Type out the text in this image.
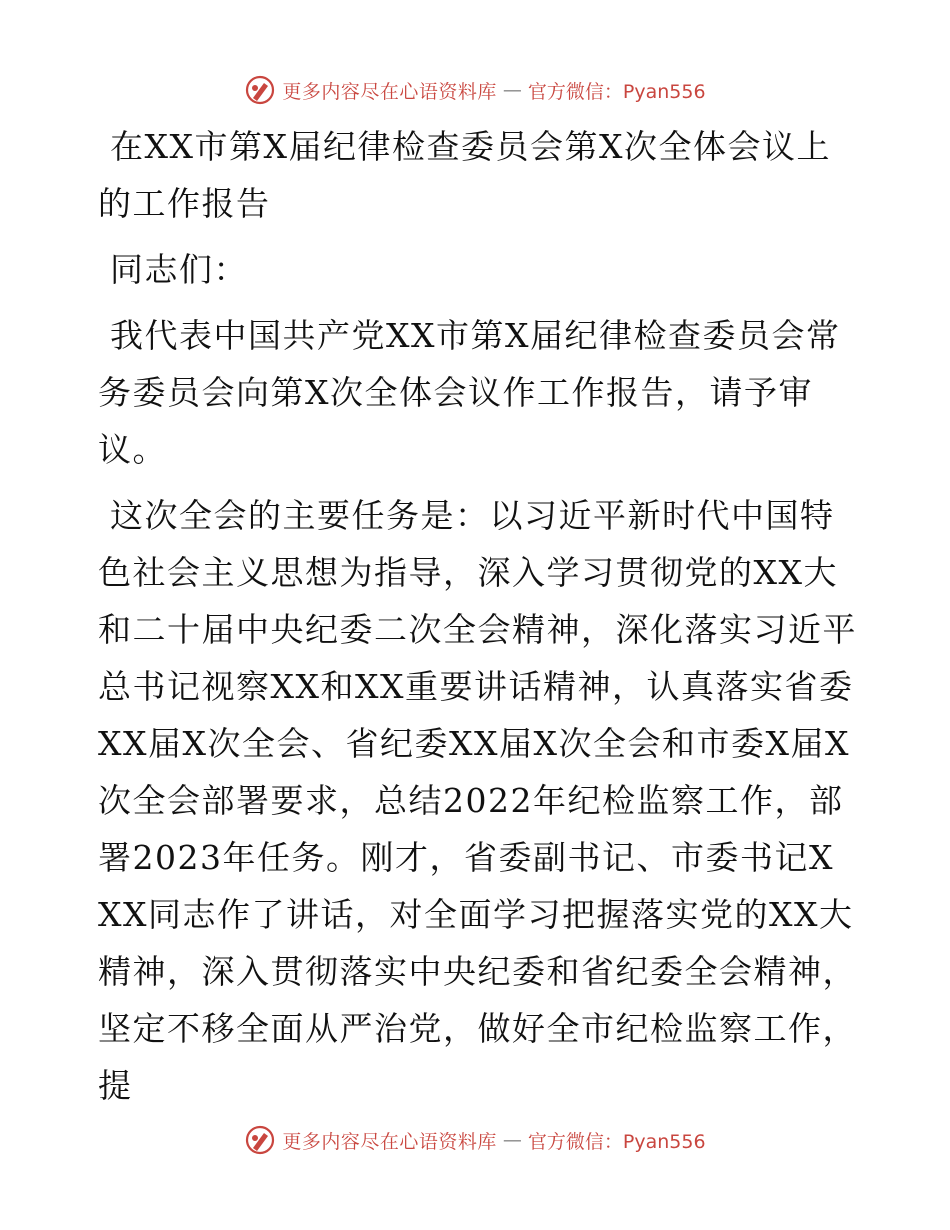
更多内容尽在心语资料库 — 官方微信：Pyan556

在XX市第X届纪律检查委员会第X次全体会议上的工作报告

同志们：

我代表中国共产党XX市第X届纪律检查委员会常务委员会向第X次全体会议作工作报告，请予审议。

这次全会的主要任务是：以习近平新时代中国特色社会主义思想为指导，深入学习贯彻党的XX大和二十届中央纪委二次全会精神，深化落实习近平总书记视察XX和XX重要讲话精神，认真落实省委XX届X次全会、省纪委XX届X次全会和市委X届X次全会部署要求，总结2022年纪检监察工作，部署2023年任务。刚才，省委副书记、市委书记XXX同志作了讲话，对全面学习把握落实党的XX大精神，深入贯彻落实中央纪委和省纪委全会精神，坚定不移全面从严治党，做好全市纪检监察工作，提

更多内容尽在心语资料库 — 官方微信：Pyan556
